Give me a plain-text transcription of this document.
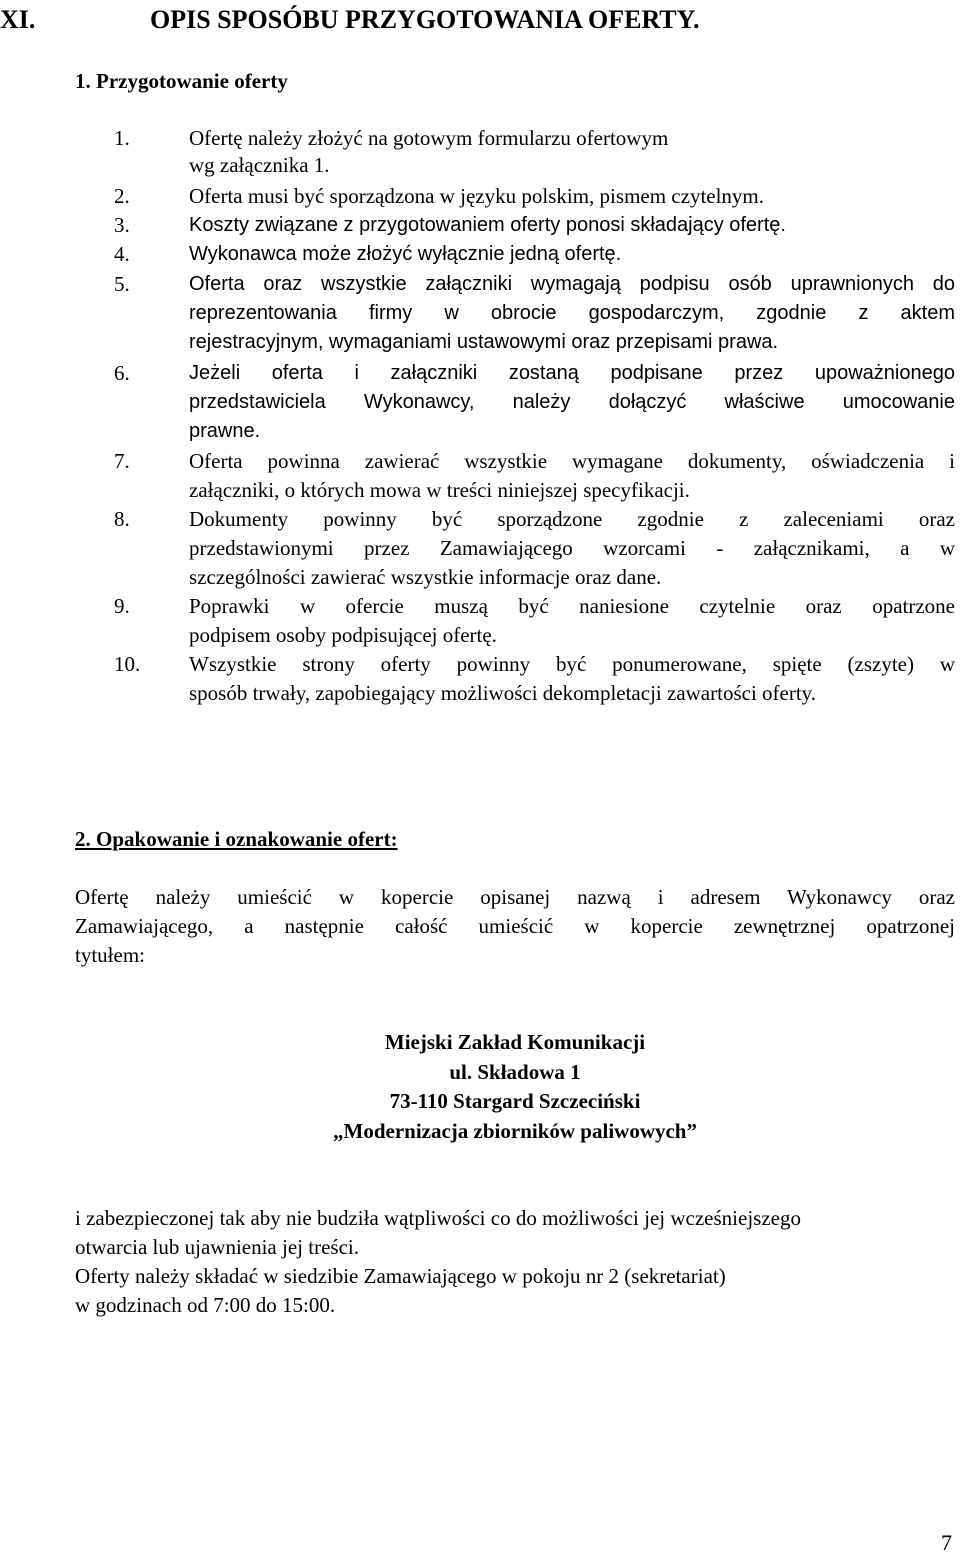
XI.	OPIS SPOSÓBU PRZYGOTOWANIA OFERTY.
1. Przygotowanie oferty
1.	Ofertę należy złożyć na gotowym formularzu ofertowym
wg załącznika 1.
2.	Oferta musi być sporządzona w języku polskim, pismem czytelnym.
3.	Koszty związane z przygotowaniem oferty ponosi składający ofertę.
4.	Wykonawca może złożyć wyłącznie jedną ofertę.
5.	Oferta oraz wszystkie załączniki wymagają podpisu osób uprawnionych do
reprezentowania firmy w obrocie gospodarczym, zgodnie z aktem
rejestracyjnym, wymaganiami ustawowymi oraz przepisami prawa.
6.	Jeżeli oferta i załączniki zostaną podpisane przez upoważnionego
przedstawiciela Wykonawcy, należy dołączyć właściwe umocowanie
prawne.
7.	Oferta powinna zawierać wszystkie wymagane dokumenty, oświadczenia i
załączniki, o których mowa w treści niniejszej specyfikacji.
8.	Dokumenty powinny być sporządzone zgodnie z zaleceniami oraz
przedstawionymi przez Zamawiającego wzorcami - załącznikami, a w
szczególności zawierać wszystkie informacje oraz dane.
9.	Poprawki w ofercie muszą być naniesione czytelnie oraz opatrzone
podpisem osoby podpisującej ofertę.
10. Wszystkie strony oferty powinny być ponumerowane, spięte (zszyte) w
sposób trwały, zapobiegający możliwości dekompletacji zawartości oferty.
2. Opakowanie i oznakowanie ofert:
Ofertę należy umieścić w kopercie opisanej nazwą i adresem Wykonawcy oraz
Zamawiającego, a następnie całość umieścić w kopercie zewnętrznej opatrzonej
tytułem:
Miejski Zakład Komunikacji
ul. Składowa 1
73-110 Stargard Szczeciński
„Modernizacja zbiorników paliwowych”
i zabezpieczonej tak aby nie budziła wątpliwości co do możliwości jej wcześniejszego
otwarcia lub ujawnienia jej treści.
Oferty należy składać w siedzibie Zamawiającego w pokoju nr 2 (sekretariat)
w godzinach od 7:00 do 15:00.
7
